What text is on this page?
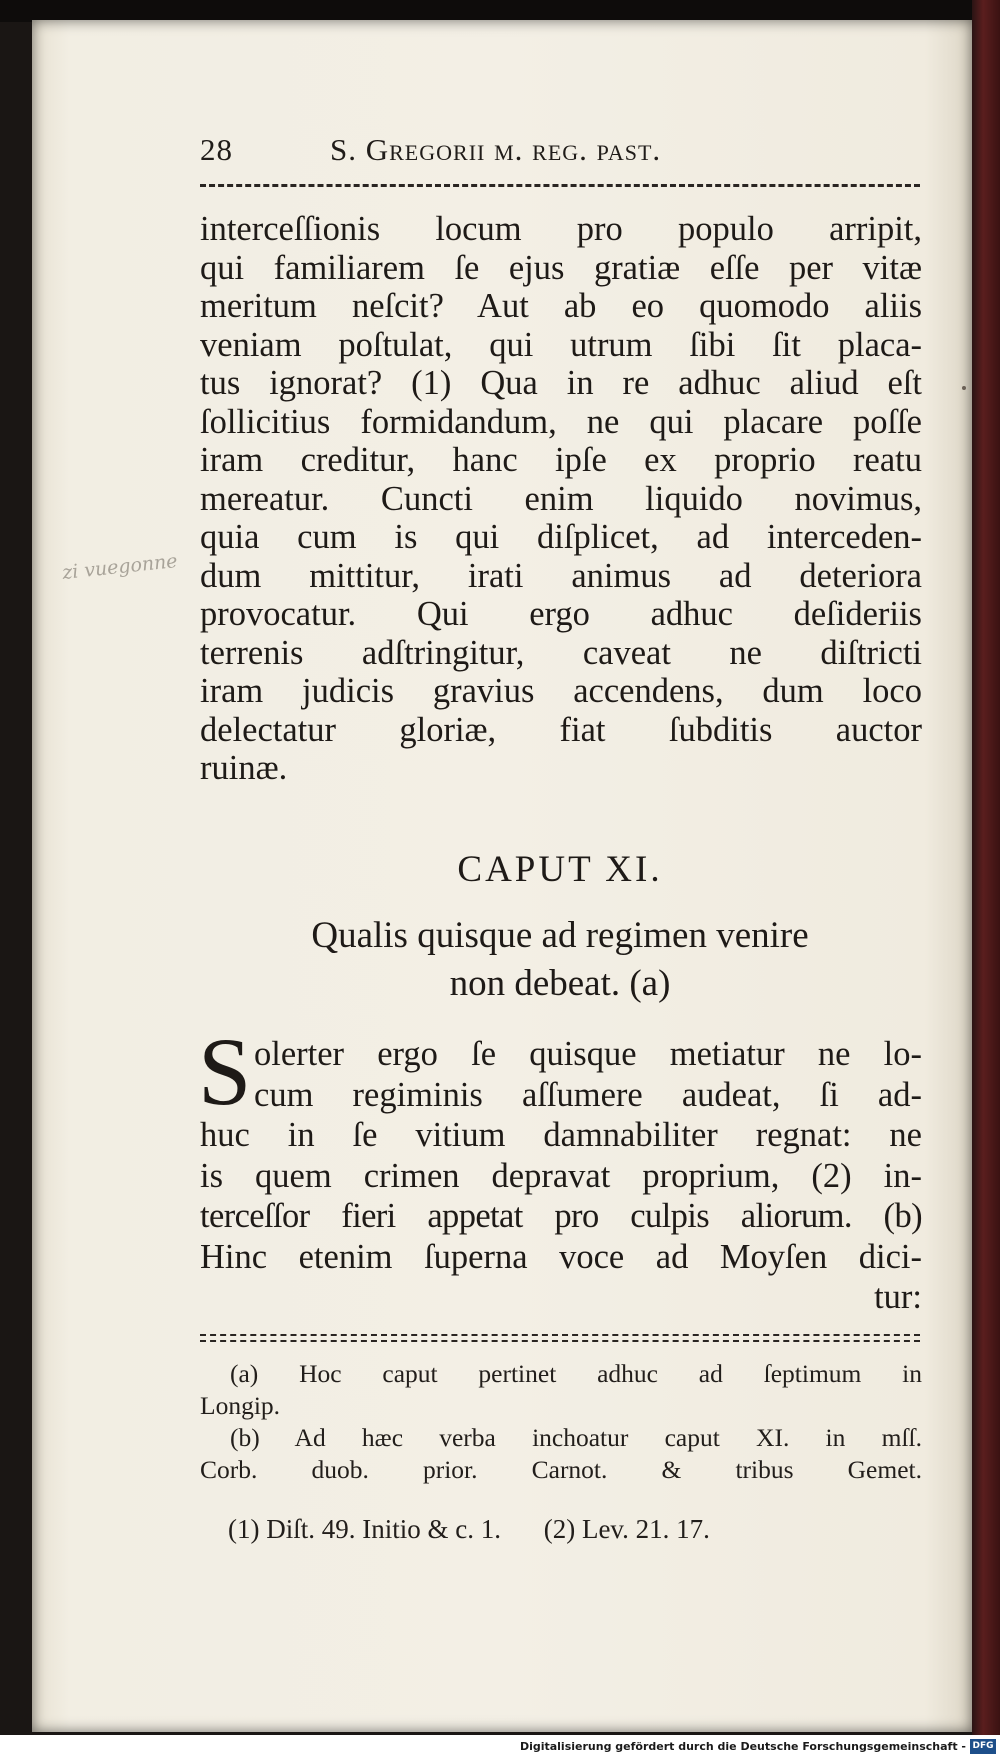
28	S. Gregorii m. reg. past.
interceſſionis locum pro populo arripit,
qui familiarem ſe ejus gratiæ eſſe per vitæ
meritum neſcit? Aut ab eo quomodo aliis
veniam poſtulat, qui utrum ſibi ſit placa-
tus ignorat? (1) Qua in re adhuc aliud eſt
ſollicitius formidandum, ne qui placare poſſe
iram creditur, hanc ipſe ex proprio reatu
mereatur. Cuncti enim liquido novimus,
quia cum is qui diſplicet, ad interceden-
dum mittitur, irati animus ad deteriora
provocatur. Qui ergo adhuc deſideriis
terrenis adſtringitur, caveat ne diſtricti
iram judicis gravius accendens, dum loco
delectatur gloriæ, fiat ſubditis auctor
ruinæ.
zi vuegonne
CAPUT XI.
Qualis quisque ad regimen venire
non debeat. (a)
S olerter ergo ſe quisque metiatur ne lo-
cum regiminis aſſumere audeat, ſi ad-
huc in ſe vitium damnabiliter regnat: ne
is quem crimen depravat proprium, (2) in-
terceſſor fieri appetat pro culpis aliorum. (b)
Hinc etenim ſuperna voce ad Moyſen dici-
tur:
(a) Hoc caput pertinet adhuc ad ſeptimum in
Longip.
(b) Ad hæc verba inchoatur caput XI. in mſſ.
Corb. duob. prior. Carnot. & tribus Gemet.
(1) Diſt. 49. Initio & c. 1. (2) Lev. 21. 17.
Digitalisierung gefördert durch die Deutsche Forschungsgemeinschaft - DFG
